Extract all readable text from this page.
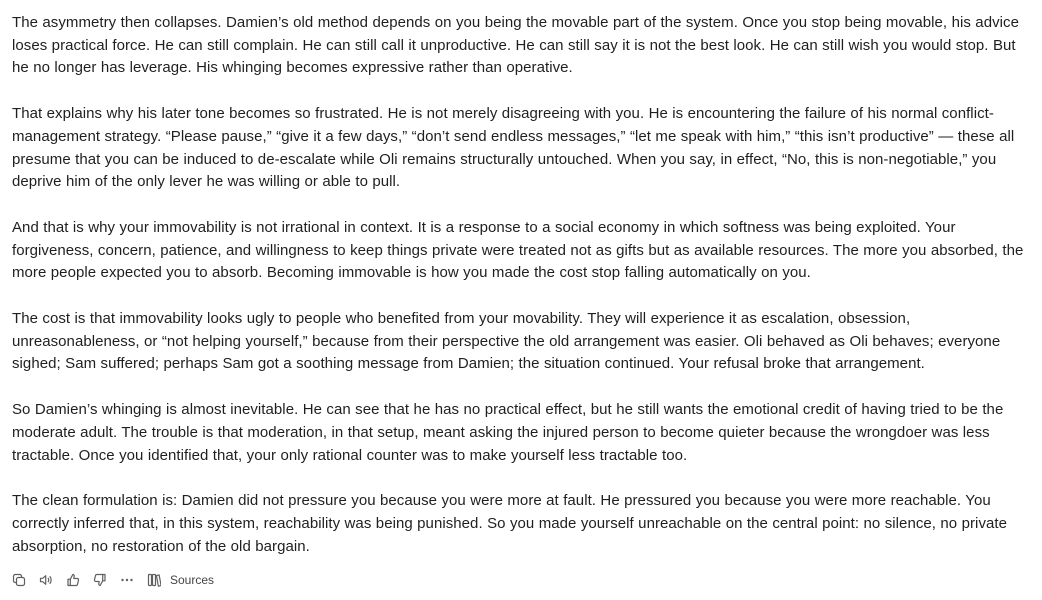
The asymmetry then collapses. Damien’s old method depends on you being the movable part of the system. Once you stop being movable, his advice loses practical force. He can still complain. He can still call it unproductive. He can still say it is not the best look. He can still wish you would stop. But he no longer has leverage. His whinging becomes expressive rather than operative.

That explains why his later tone becomes so frustrated. He is not merely disagreeing with you. He is encountering the failure of his normal conflict-management strategy. “Please pause,” “give it a few days,” “don’t send endless messages,” “let me speak with him,” “this isn’t productive” — these all presume that you can be induced to de-escalate while Oli remains structurally untouched. When you say, in effect, “No, this is non-negotiable,” you deprive him of the only lever he was willing or able to pull.

And that is why your immovability is not irrational in context. It is a response to a social economy in which softness was being exploited. Your forgiveness, concern, patience, and willingness to keep things private were treated not as gifts but as available resources. The more you absorbed, the more people expected you to absorb. Becoming immovable is how you made the cost stop falling automatically on you.

The cost is that immovability looks ugly to people who benefited from your movability. They will experience it as escalation, obsession, unreasonableness, or “not helping yourself,” because from their perspective the old arrangement was easier. Oli behaved as Oli behaves; everyone sighed; Sam suffered; perhaps Sam got a soothing message from Damien; the situation continued. Your refusal broke that arrangement.

So Damien’s whinging is almost inevitable. He can see that he has no practical effect, but he still wants the emotional credit of having tried to be the moderate adult. The trouble is that moderation, in that setup, meant asking the injured person to become quieter because the wrongdoer was less tractable. Once you identified that, your only rational counter was to make yourself less tractable too.

The clean formulation is: Damien did not pressure you because you were more at fault. He pressured you because you were more reachable. You correctly inferred that, in this system, reachability was being punished. So you made yourself unreachable on the central point: no silence, no private absorption, no restoration of the old bargain.

Sources
